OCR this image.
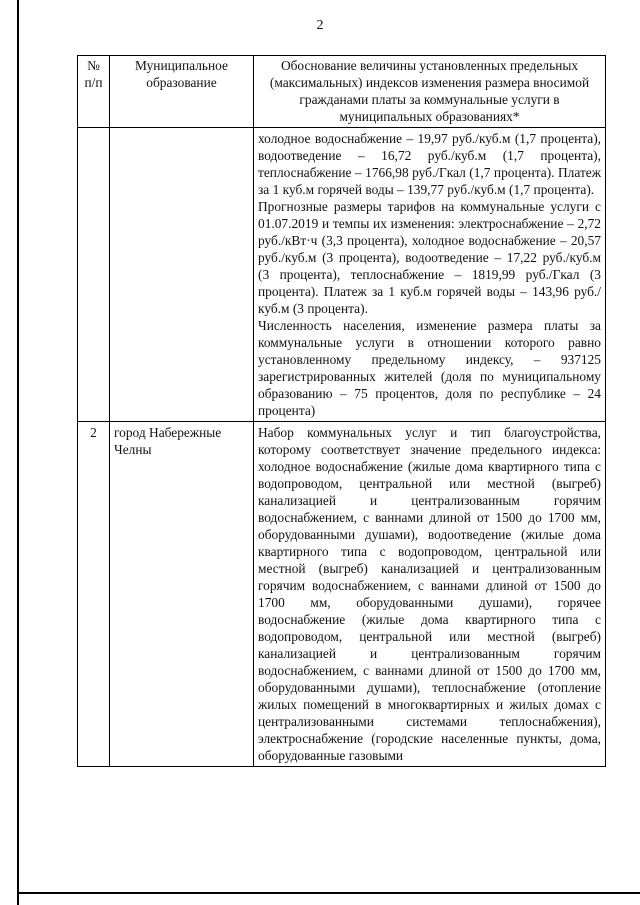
2
№ п/п	Муниципальное образование	Обоснование величины установленных предельных (максимальных) индексов изменения размера вносимой гражданами платы за коммунальные услуги в муниципальных образованиях*

		холодное водоснабжение – 19,97 руб./куб.м (1,7 процента), водоотведение – 16,72 руб./куб.м (1,7 процента), теплоснабжение – 1766,98 руб./Гкал (1,7 процента). Платеж за 1 куб.м горячей воды – 139,77 руб./куб.м (1,7 процента).

Прогнозные размеры тарифов на коммунальные услуги с 01.07.2019 и темпы их изменения: электроснабжение – 2,72 руб./кВт·ч (3,3 процента), холодное водоснабжение – 20,57 руб./куб.м (3 процента), водоотведение – 17,22 руб./куб.м (3 процента), теплоснабжение – 1819,99 руб./Гкал (3 процента). Платеж за 1 куб.м горячей воды – 143,96 руб./куб.м (3 процента).

Численность населения, изменение размера платы за коммунальные услуги в отношении которого равно установленному предельному индексу, – 937125 зарегистрированных жителей (доля по муниципальному образованию – 75 процентов, доля по республике – 24 процента)

2	город Набережные Челны	Набор коммунальных услуг и тип благоустройства, которому соответствует значение предельного индекса: холодное водоснабжение (жилые дома квартирного типа с водопроводом, центральной или местной (выгреб) канализацией и централизованным горячим водоснабжением, с ваннами длиной от 1500 до 1700 мм, оборудованными душами), водоотведение (жилые дома квартирного типа с водопроводом, центральной или местной (выгреб) канализацией и централизованным горячим водоснабжением, с ваннами длиной от 1500 до 1700 мм, оборудованными душами), горячее водоснабжение (жилые дома квартирного типа с водопроводом, центральной или местной (выгреб) канализацией и централизованным горячим водоснабжением, с ваннами длиной от 1500 до 1700 мм, оборудованными душами), теплоснабжение (отопление жилых помещений в многоквартирных и жилых домах с централизованными системами теплоснабжения), электроснабжение (городские населенные пункты, дома, оборудованные газовыми
